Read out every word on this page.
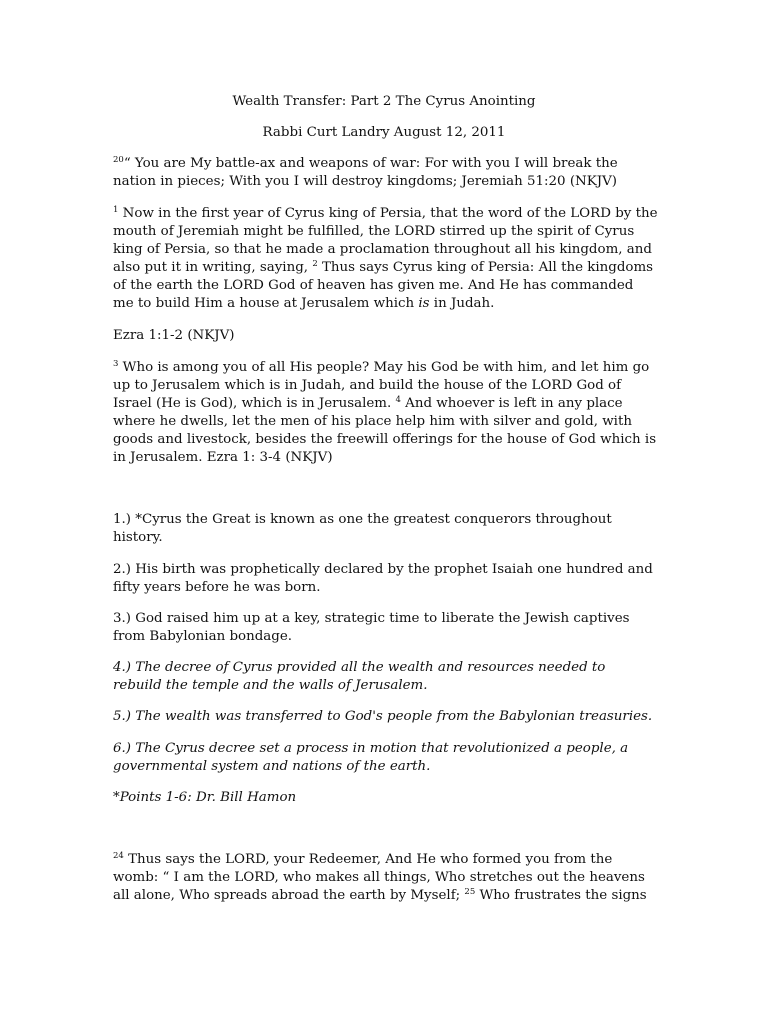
Wealth Transfer: Part 2 The Cyrus Anointing

Rabbi Curt Landry August 12, 2011

$^{20}$“ You are My battle-ax and weapons of war: For with you I will break the nation in pieces; With you I will destroy kingdoms; Jeremiah 51:20 (NKJV)

$^1$ Now in the first year of Cyrus king of Persia, that the word of the LORD by the mouth of Jeremiah might be fulfilled, the LORD stirred up the spirit of Cyrus king of Persia, so that he made a proclamation throughout all his kingdom, and also put it in writing, saying, $^2$ Thus says Cyrus king of Persia: All the kingdoms of the earth the LORD God of heaven has given me. And He has commanded me to build Him a house at Jerusalem which is in Judah.

Ezra 1:1-2 (NKJV)

$^3$ Who is among you of all His people? May his God be with him, and let him go up to Jerusalem which is in Judah, and build the house of the LORD God of Israel (He is God), which is in Jerusalem. $^4$ And whoever is left in any place where he dwells, let the men of his place help him with silver and gold, with goods and livestock, besides the freewill offerings for the house of God which is in Jerusalem. Ezra 1: 3-4 (NKJV)

1.) *Cyrus the Great is known as one the greatest conquerors throughout history.

2.) His birth was prophetically declared by the prophet Isaiah one hundred and fifty years before he was born.

3.) God raised him up at a key, strategic time to liberate the Jewish captives from Babylonian bondage.

4.) The decree of Cyrus provided all the wealth and resources needed to rebuild the temple and the walls of Jerusalem.

5.) The wealth was transferred to God's people from the Babylonian treasuries.

6.) The Cyrus decree set a process in motion that revolutionized a people, a governmental system and nations of the earth.

*Points 1-6: Dr. Bill Hamon

$^{24}$ Thus says the LORD, your Redeemer, And He who formed you from the womb: “ I am the LORD, who makes all things, Who stretches out the heavens all alone, Who spreads abroad the earth by Myself; $^{25}$ Who frustrates the signs
